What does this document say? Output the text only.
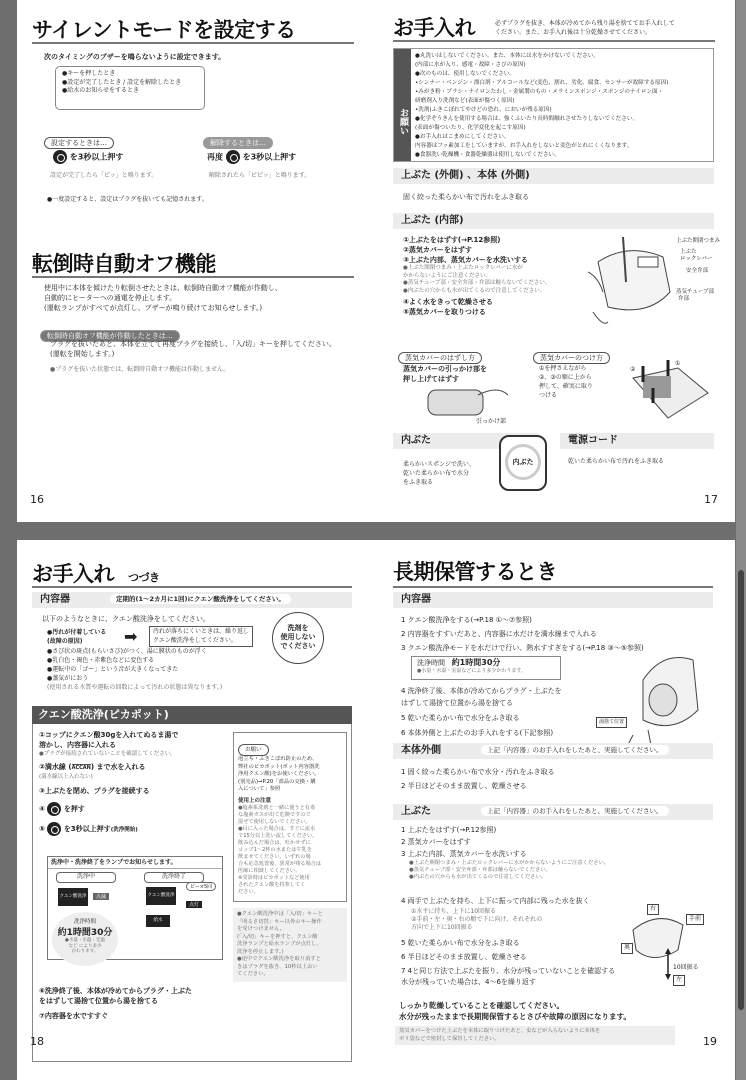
サイレントモードを設定する
次のタイミングのブザーを鳴らないように設定できます。
●キーを押したとき
●設定が完了したとき / 設定を解除したとき
●給水のお知らせをするとき
設定するときは…
を3秒以上押す
設定が完了したら「ピッ」と鳴ります。
解除するときは…
再度 を3秒以上押す
解除されたら「ピピッ」と鳴ります。
●一度設定すると、設定はプラグを抜いても記憶されます。
転倒時自動オフ機能
使用中に本体を傾けたり転倒させたときは、転倒時自動オフ機能が作動し、
自動的にヒーターへの通電を停止します。
(運転ランプがすべてが点灯し、ブザーが鳴り続けてお知らせします。)
転倒時自動オフ機能が作動したときは…
プラグを抜いたあと、本体を立てて再度プラグを接続し、「入/切」キーを押してください。
(運転を開始します。)
●プラグを抜いた状態では、転倒時自動オフ機能は作動しません。
16
お手入れ	必ずプラグを抜き、本体が冷めてから残り湯を捨ててお手入れして
ください。また、お手入れ後は十分乾燥させてください。
お願い
●丸洗いはしないでください。また、本体には水をかけないでください。
(内部に水が入り、感電・故障・さびの原因)
●次のものは、使用しないでください。
•シンナー・ベンジン・漂白剤・アルコールなど(変色、割れ、劣化、腐食、センサーが故障する原因)
•みがき粉・ブラシ・ナイロンたわし・金属製のもの・メラミンスポンジ・スポンジのナイロン面・
研磨剤入り洗剤など(表面が傷つく原因)
•洗剤(ふきこぼれてやけどの恐れ、においが残る原因)
●化学ぞうきんを使用する場合は、強くふいたり長時間触れさせたりしないでください。
(表面が傷ついたり、化学変化を起こす原因)
●お手入れはこまめにしてください。
内容器はフッ素加工をしていますが、お手入れをしないと変色がとれにくくなります。
●食器洗い乾燥機・食器乾燥器は使用しないでください。
上ぶた (外側) 、本体 (外側)
固く絞った柔らかい布で汚れをふき取る
上ぶた (内部)
①上ぶたをはずす(→P.12参照)
②蒸気カバーをはずす
③上ぶた内部、蒸気カバーを水洗いする
●上ぶた開閉つまみ・上ぶたロックレバーに水が
かからないようにご注意ください。
●蒸気チューブ部・安全弁部・弁部は触らないでください。
●内ぶたの穴からも水が出てくるので注意してください。
④よく水をきって乾燥させる
⑤蒸気カバーを取りつける
上ぶた開閉つまみ
上ぶた
ロックレバー
安全弁部
蒸気チューブ部
弁部
蒸気カバーのはずし方
蒸気カバーの引っかけ部を
押し上げてはずす
引っかけ部
蒸気カバーのつけ方
①を押さえながら
②、③の順に上から
押して、確実に取り
つける
①
②
内ぶた
柔らかいスポンジで洗い、
乾いた柔らかい布で水分
をふき取る
内ぶた
電源コード
乾いた柔らかい布で汚れをふき取る
17
お手入れ つづき
内容器	定期的(1～2カ月に1回)にクエン酸洗浄をしてください。
以下のようなときに、クエン酸洗浄をしてください。
●汚れが付着している
(故障の原因)	➡	汚れが落ちにくいときは、繰り返し
クエン酸洗浄をしてください。
洗剤を
使用しない
でください
●さび状の斑点(もらいさび)がつく、湯に膜状のものが浮く
●乳白色・褐色・赤紫色などに変色する
●運転中の「ゴー」という音が大きくなってきた
●蒸気がにおう
(使用される水質や運転の回数によって汚れの状態は異なります。)
クエン酸洗浄(ピカポット)
①コップにクエン酸30gを入れてぬるま湯で
溶かし、内容器に入れる
●プラグが接続されていないことを確認してください。
②満水線 (ÅCCAN) まで水を入れる
(満水線以上入れない)
③上ぶたを閉め、プラグを接続する
④	を押す
⑤	を3秒以上押す(洗浄開始)
洗浄中・洗浄終了をランプでお知らせします。
洗浄中	洗浄終了
クエン酸洗浄	点滅	クエン酸洗浄
給水
点灯
ピー×5回
洗浄時間
約1時間30分
●水量・水温・室温
など により多少
かわります。
⑥洗浄終了後、本体が冷めてからプラグ・上ぶた
をはずして湯捨て位置から湯を捨てる
⑦内容器を水ですすぐ
お願い
泡立ち・ふきこぼれ防止のため、
弊社のピカポット(ポット内容器洗
浄用クエン酸)をお使いください。
(別売品)→P.20「部品の交換・購
入について」参照
使用上の注意
●塩素系洗剤と一緒に使うと有毒
な塩素ガスが出て危険ですので
混ぜて使用しないでください。
●目に入った場合は、すぐに流水
で15分以上洗い流してください。
飲み込んだ場合は、吐かせずに
コップ1～2杯の水または牛乳を
飲ませてください。いずれの場
合も応急処置後、異常が残る場合は
医師に相談してください。
※受診時はピカポットなど使用
されたクエン酸を持参してく
ださい。
●クエン酸洗浄中は「入/切」キーと
「明るさ切替」キー以外のキー操作
を受けつけません。
(「入/切」キーを押すと、クエン酸
洗浄ランプと給水ランプが点灯し、
洗浄を停止します。)
●途中でクエン酸洗浄を取り消すと
きはプラグを抜き、10秒以上おい
てください。
18
長期保管するとき
内容器
1 クエン酸洗浄をする(→P.18 ①～⑦参照)
2 内容器をすすいだあと、内容器に水だけを満水線まで入れる
3 クエン酸洗浄モードを水だけで行い、熱水すすぎをする(→P.18 ③～⑤参照)
洗浄時間 約1時間30分
●水量・水温・室温などにより多少かわります。
4 洗浄終了後、本体が冷めてからプラグ・上ぶたを
はずして湯捨て位置から湯を捨てる
5 乾いた柔らかい布で水分をふき取る
6 本体外側と上ぶたのお手入れをする(下記参照)
湯捨て位置
本体外側	上記「内容器」のお手入れをしたあと、実施してください。
1 固く絞った柔らかい布で水分・汚れをふき取る
2 半日ほどそのまま放置し、乾燥させる
上ぶた	上記「内容器」のお手入れをしたあと、実施してください。
1 上ぶたをはずす(→P.12参照)
2 蒸気カバーをはずす
3 上ぶた内部、蒸気カバーを水洗いする
●上ぶた開閉つまみ・上ぶたロックレバーに水がかからないようにご注意ください。
●蒸気チューブ部・安全弁部・弁部は触らないでください。
●内ぶたの穴からも水が出てくるので注意してください。
4 両手で上ぶたを持ち、上下に振って内部に残った水を抜く
①水平に持ち、上下に10回振る
②手前・左・奥・右の順で下に向け、それぞれの
方向で上下に10回振る
5 乾いた柔らかい布で水分をふき取る
6 半日ほどそのまま放置し、乾燥させる
7 4と同じ方法で上ぶたを振り、水分が残っていないことを確認する
水分が残っていた場合は、4～6を繰り返す
右
手前
奥
10回振る
左
しっかり乾燥していることを確認してください。
水分が残ったままで長期間保管するとさびや故障の原因になります。
蒸気カバーをつけた上ぶたを本体に取りつけたあと、虫などが入らないように本体を
ポリ袋などで密封して保管してください。	19
